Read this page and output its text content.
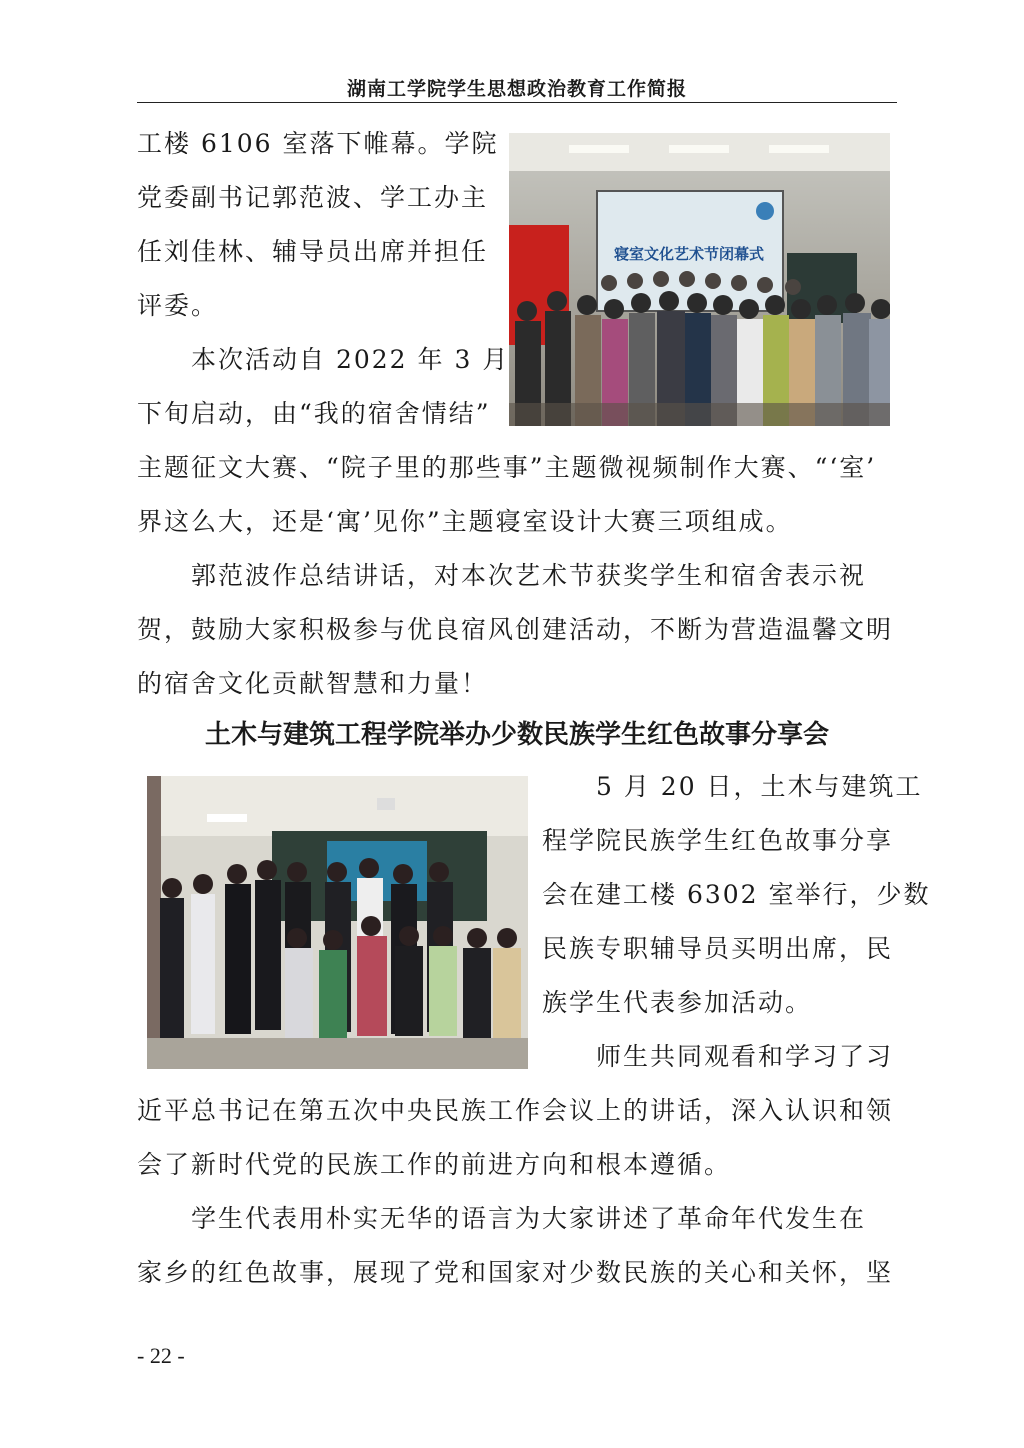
湖南工学院学生思想政治教育工作简报

工楼 6106 室落下帷幕。学院

党委副书记郭范波、学工办主

任刘佳林、辅导员出席并担任

评委。

　　本次活动自 2022 年 3 月

下旬启动，由“我的宿舍情结”

寝室文化艺术节闭幕式

主题征文大赛、“院子里的那些事”主题微视频制作大赛、“‘室’

界这么大，还是‘寓’见你”主题寝室设计大赛三项组成。

　　郭范波作总结讲话，对本次艺术节获奖学生和宿舍表示祝

贺，鼓励大家积极参与优良宿风创建活动，不断为营造温馨文明

的宿舍文化贡献智慧和力量！

土木与建筑工程学院举办少数民族学生红色故事分享会

　　5 月 20 日，土木与建筑工

程学院民族学生红色故事分享

会在建工楼 6302 室举行，少数

民族专职辅导员买明出席，民

族学生代表参加活动。

　　师生共同观看和学习了习

近平总书记在第五次中央民族工作会议上的讲话，深入认识和领

会了新时代党的民族工作的前进方向和根本遵循。

　　学生代表用朴实无华的语言为大家讲述了革命年代发生在

家乡的红色故事，展现了党和国家对少数民族的关心和关怀，坚

- 22 -
